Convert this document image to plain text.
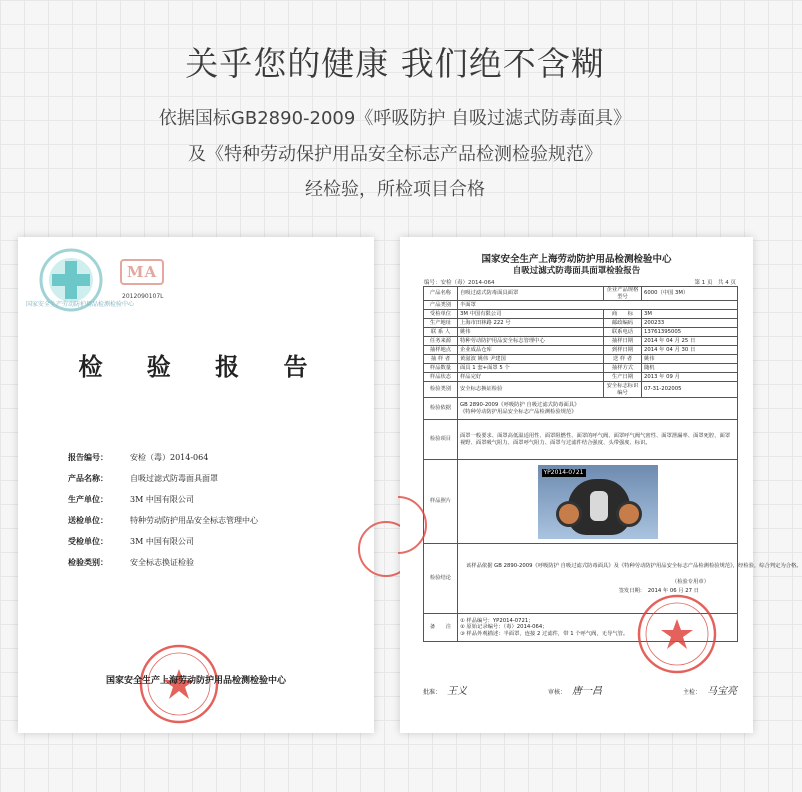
关乎您的健康 我们绝不含糊
依据国标GB2890-2009《呼吸防护 自吸过滤式防毒面具》
及《特种劳动保护用品安全标志产品检测检验规范》
经检验，所检项目合格
国家安全生产劳动防护用品检测检验中心
MA
2012090107L
检 验 报 告
报告编号：	安检（毒）2014-064
产品名称：	自吸过滤式防毒面具面罩
生产单位：	3M 中国有限公司
送检单位：	特种劳动防护用品安全标志管理中心
受检单位：	3M 中国有限公司
检验类别：	安全标志换证检验
国家安全生产上海劳动防护用品检测检验中心
国家安全生产上海劳动防护用品检测检验中心
自吸过滤式防毒面具面罩检验报告
编号：安检（毒）2014-064	第 1 页　共 4 页
产品名称	自吸过滤式防毒面具面罩	企业产品规格型号	6000（中国 3M）
产品类别	半面罩		
受检单位	3M 中国有限公司	商　　标	3M
生产地址	上海市田林路 222 号	邮政编码	200233
联 系 人	姚伟	联系电话	13761395005
任务来源	特种劳动防护用品安全标志管理中心	抽样日期	2014 年 04 月 25 日
抽样地点	企业成品仓库	到样日期	2014 年 04 月 30 日
抽 样 者	黄滋波 姚伟 尹建国	送 样 者	姚伟
样品数量	面具 1 套+面罩 5 个	抽样方式	随机
样品状态	样品完好	生产日期	2013 年 09 月
检验类别	安全标志换证检验	安全标志标识编号	07-31-202005
检验依据	GB 2890-2009《呼吸防护 自吸过滤式防毒面具》
《特种劳动防护用品安全标志产品检测检验规范》		

检验项目	面罩一般要求、面罩高低温适用性、面罩阻燃性、面罩的呼气阀、面罩呼气阀气密性、面罩泄漏率、面罩死腔、面罩视野、面罩吸气阻力、面罩呼气阻力、面罩与过滤件结合强度、头带强度、标识。		
样品照片	YP2014-0721		

检验结论	该样品依据 GB 2890-2009《呼吸防护 自吸过滤式防毒面具》及《特种劳动防护用品安全标志产品检测检验规范》，经检验，综合判定为合格。
（检验专用章）
签发日期：　2014 年 06 月 27 日		

备　　注	① 样品编号：YP2014-0721；
② 原始记录编号：（毒）2014-064；
③ 样品外观描述：半面罩，连接 2 过滤件，带 1 个呼气阀，无导气管。		
批准： 王义	审核： 唐一昌	主检： 马宝亮
